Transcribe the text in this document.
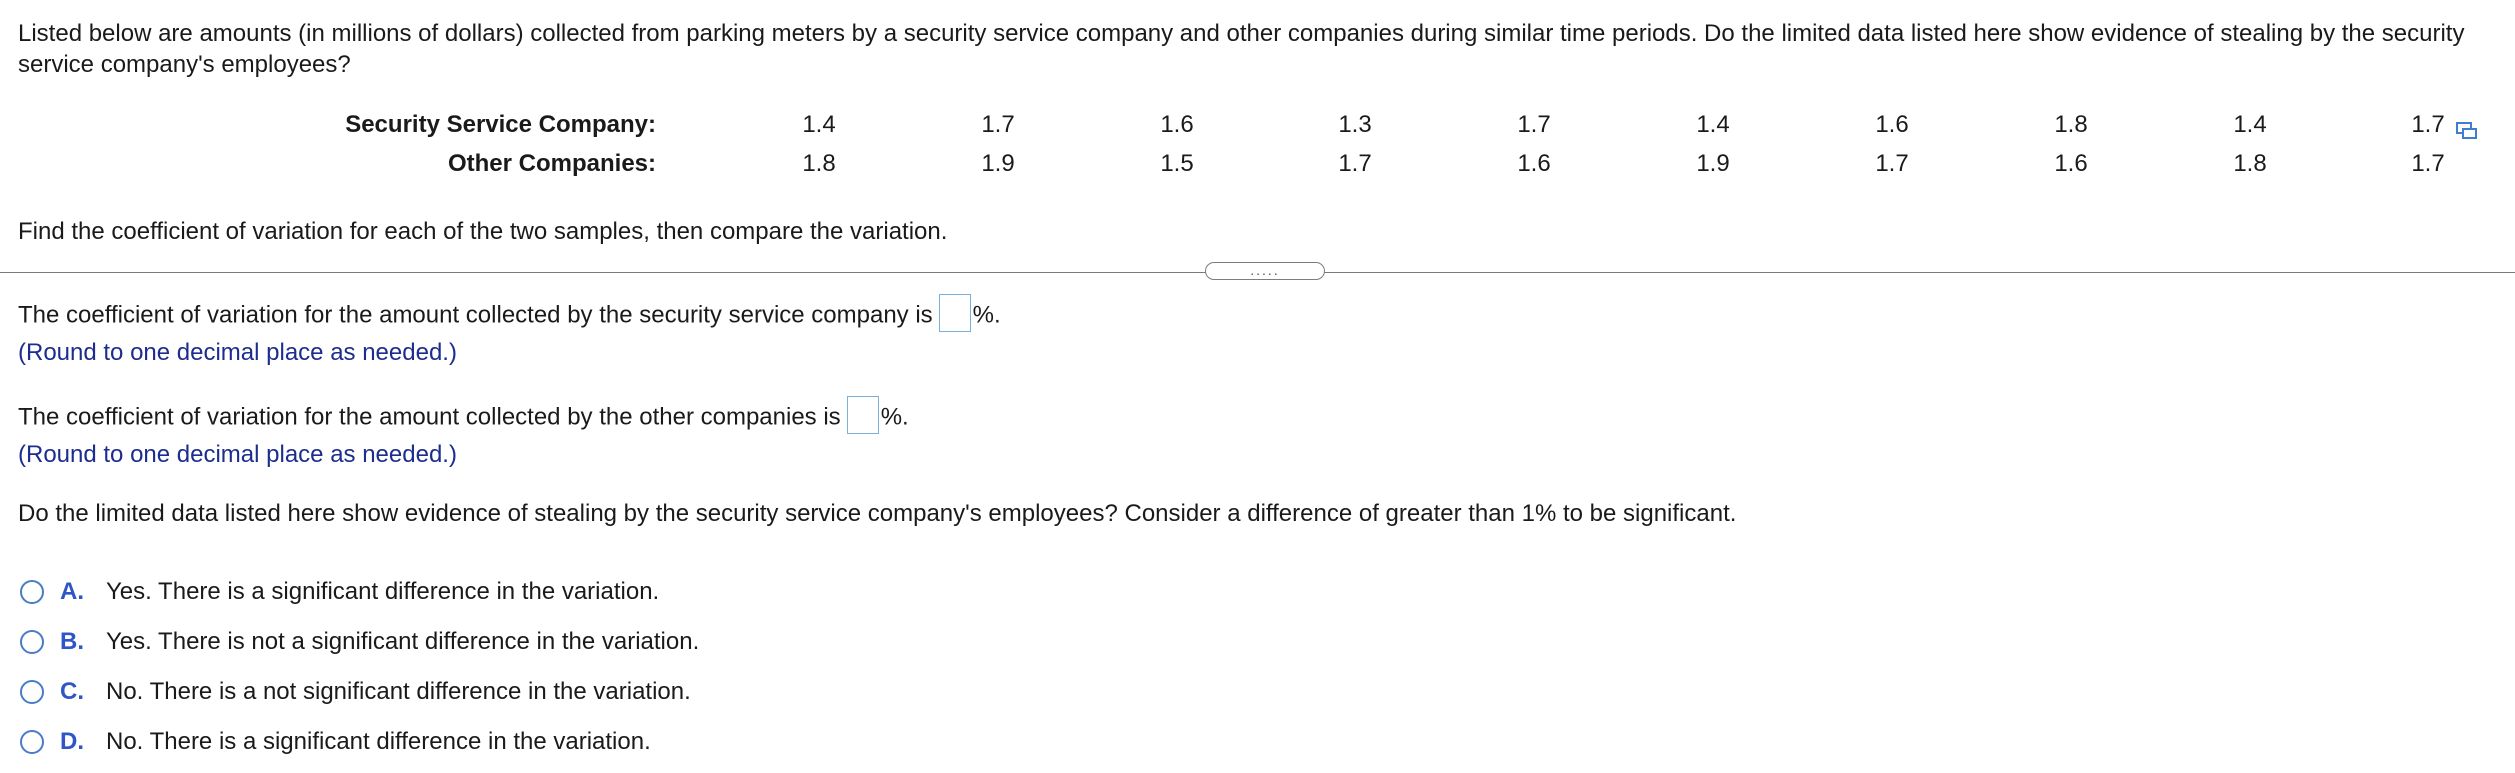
Listed below are amounts (in millions of dollars) collected from parking meters by a security service company and other companies during similar time periods. Do the limited data listed here show evidence of stealing by the security service company's employees?
Security Service Company:	1.4	1.7	1.6	1.3	1.7	1.4	1.6	1.8	1.4	1.7
Other Companies:	1.8	1.9	1.5	1.7	1.6	1.9	1.7	1.6	1.8	1.7
Find the coefficient of variation for each of the two samples, then compare the variation.
.....
The coefficient of variation for the amount collected by the security service company is %.
(Round to one decimal place as needed.)
The coefficient of variation for the amount collected by the other companies is %.
(Round to one decimal place as needed.)
Do the limited data listed here show evidence of stealing by the security service company's employees? Consider a difference of greater than 1% to be significant.
A. Yes. There is a significant difference in the variation.
B. Yes. There is not a significant difference in the variation.
C. No. There is a not significant difference in the variation.
D. No. There is a significant difference in the variation.
